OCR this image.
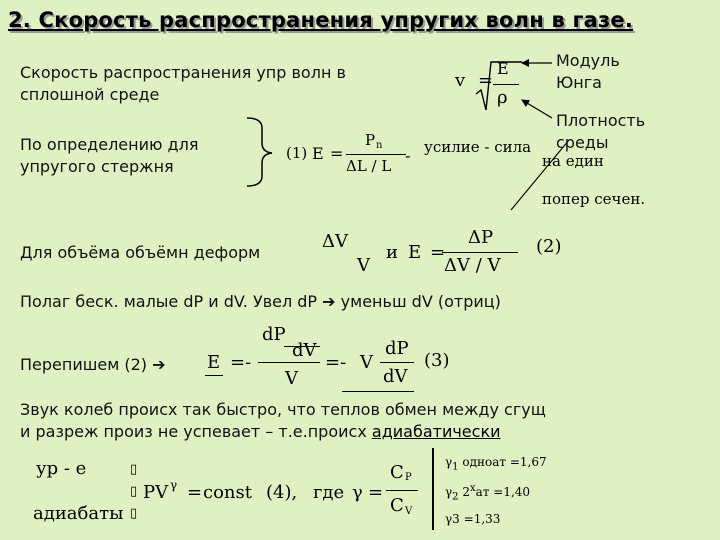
2. Скорость распространения упругих волн в газе.
Скорость распространения упр волн в
сплошной среде
v =
E
ρ
Модуль
Юнга
Плотность
среды
По определению для
упругого стержня
(1) E =
P n
ΔL / L
- усилие - сила
на един
попер сечен.
Для объёма объёмн деформ
ΔV
V
и E =
ΔP
ΔV / V
(2)
Полаг беск. малые dP и dV. Увел dP ➔ уменьш dV (отриц)
Перепишем (2) ➔ E =-
dP
dV
V
=- V
dP
dV
(3)
Звук колеб происх так быстро, что теплов обмен между сгущ
и разреж произ не успевает – т.е.происх адиабатически
ур - е
адиабаты
▯
▯
▯
PV γ = const (4), где γ =
C P
C V
$\gamma_1$ однoат =1,67
$\gamma_2$ $2^хат =1,40$
γ3 =1,33
